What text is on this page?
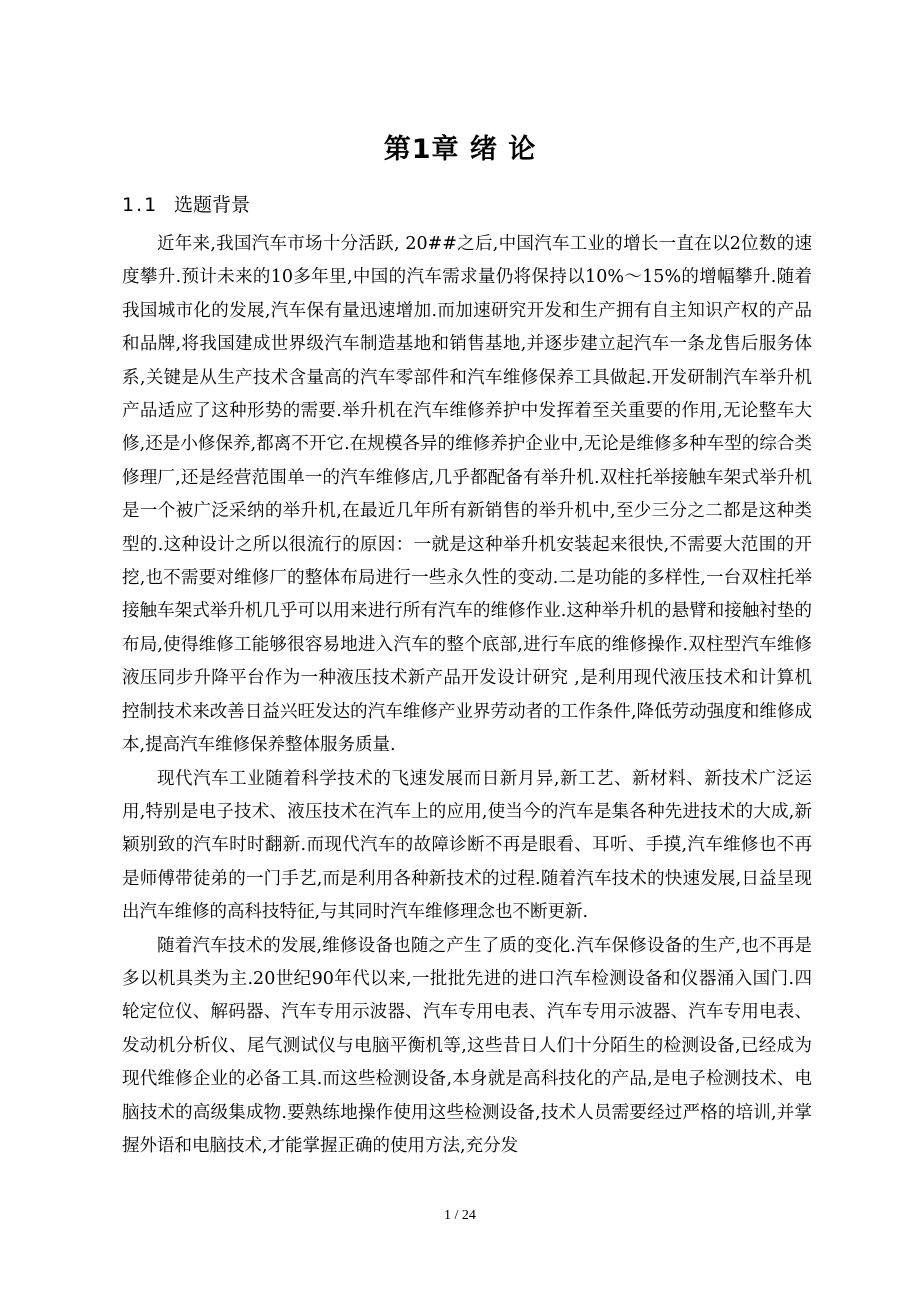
第1章 绪 论
1.1 选题背景

近年来,我国汽车市场十分活跃, 20##之后,中国汽车工业的增长一直在以2位数的速度攀升.预计未来的10多年里,中国的汽车需求量仍将保持以10%～15%的增幅攀升.随着我国城市化的发展,汽车保有量迅速增加.而加速研究开发和生产拥有自主知识产权的产品和品牌,将我国建成世界级汽车制造基地和销售基地,并逐步建立起汽车一条龙售后服务体系,关键是从生产技术含量高的汽车零部件和汽车维修保养工具做起.开发研制汽车举升机产品适应了这种形势的需要.举升机在汽车维修养护中发挥着至关重要的作用,无论整车大修,还是小修保养,都离不开它.在规模各异的维修养护企业中,无论是维修多种车型的综合类修理厂,还是经营范围单一的汽车维修店,几乎都配备有举升机.双柱托举接触车架式举升机是一个被广泛采纳的举升机,在最近几年所有新销售的举升机中,至少三分之二都是这种类型的.这种设计之所以很流行的原因：一就是这种举升机安装起来很快,不需要大范围的开挖,也不需要对维修厂的整体布局进行一些永久性的变动.二是功能的多样性,一台双柱托举接触车架式举升机几乎可以用来进行所有汽车的维修作业.这种举升机的悬臂和接触衬垫的布局,使得维修工能够很容易地进入汽车的整个底部,进行车底的维修操作.双柱型汽车维修液压同步升降平台作为一种液压技术新产品开发设计研究 ,是利用现代液压技术和计算机控制技术来改善日益兴旺发达的汽车维修产业界劳动者的工作条件,降低劳动强度和维修成本,提高汽车维修保养整体服务质量.

现代汽车工业随着科学技术的飞速发展而日新月异,新工艺、新材料、新技术广泛运用,特别是电子技术、液压技术在汽车上的应用,使当今的汽车是集各种先进技术的大成,新颖别致的汽车时时翻新.而现代汽车的故障诊断不再是眼看、耳听、手摸,汽车维修也不再是师傅带徒弟的一门手艺,而是利用各种新技术的过程.随着汽车技术的快速发展,日益呈现出汽车维修的高科技特征,与其同时汽车维修理念也不断更新.

随着汽车技术的发展,维修设备也随之产生了质的变化.汽车保修设备的生产,也不再是多以机具类为主.20世纪90年代以来,一批批先进的进口汽车检测设备和仪器涌入国门.四轮定位仪、解码器、汽车专用示波器、汽车专用电表、汽车专用示波器、汽车专用电表、发动机分析仪、尾气测试仪与电脑平衡机等,这些昔日人们十分陌生的检测设备,已经成为现代维修企业的必备工具.而这些检测设备,本身就是高科技化的产品,是电子检测技术、电脑技术的高级集成物.要熟练地操作使用这些检测设备,技术人员需要经过严格的培训,并掌握外语和电脑技术,才能掌握正确的使用方法,充分发

1 / 24
